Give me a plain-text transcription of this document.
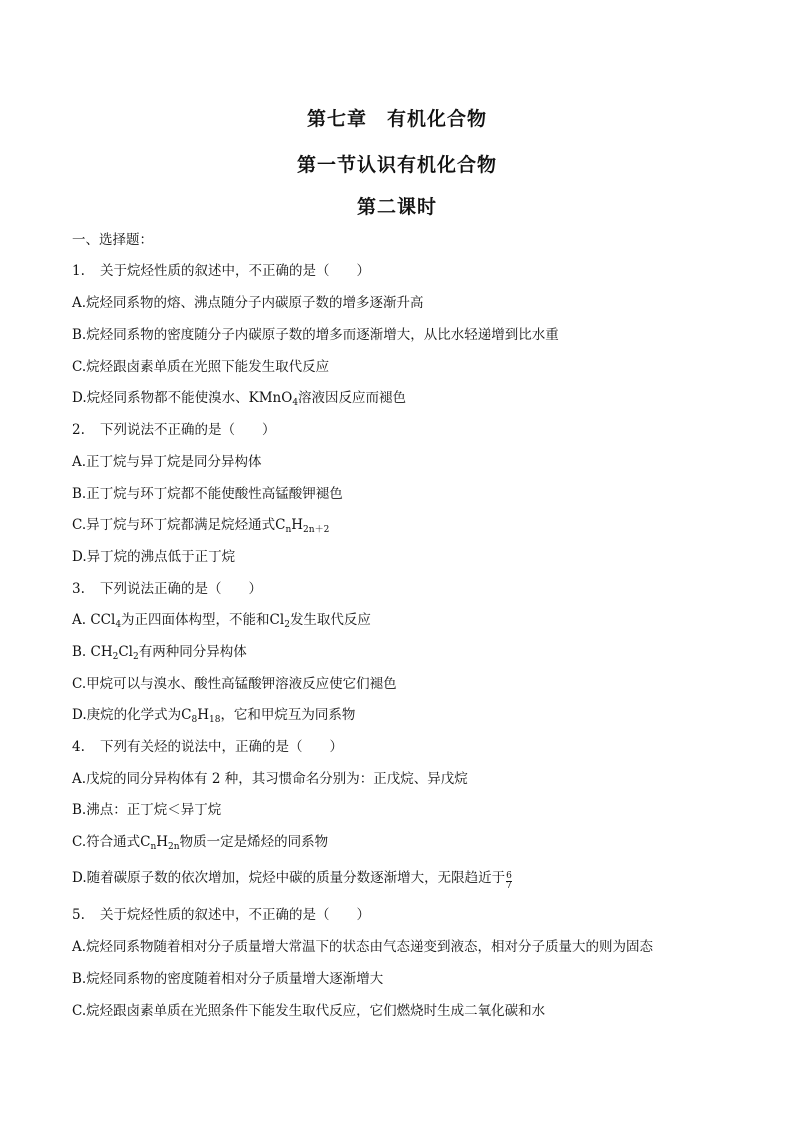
第七章　有机化合物
第一节认识有机化合物
第二课时
一、选择题：
1. 关于烷烃性质的叙述中，不正确的是（　　）
A.烷烃同系物的熔、沸点随分子内碳原子数的增多逐渐升高
B.烷烃同系物的密度随分子内碳原子数的增多而逐渐增大，从比水轻递增到比水重
C.烷烃跟卤素单质在光照下能发生取代反应
D.烷烃同系物都不能使溴水、KMnO$_4$溶液因反应而褪色
2. 下列说法不正确的是（　　）
A.正丁烷与异丁烷是同分异构体
B.正丁烷与环丁烷都不能使酸性高锰酸钾褪色
C.异丁烷与环丁烷都满足烷烃通式$C_nH_{2n+2}$
D.异丁烷的沸点低于正丁烷
3. 下列说法正确的是（　　）
A. CCl$_4$为正四面体构型，不能和$Cl_2$发生取代反应
B. $CH_2Cl_2$有两种同分异构体
C.甲烷可以与溴水、酸性高锰酸钾溶液反应使它们褪色
D.庚烷的化学式为$C_8H_{18}$，它和甲烷互为同系物
4. 下列有关烃的说法中，正确的是（　　）
A.戊烷的同分异构体有 2 种，其习惯命名分别为：正戊烷、异戊烷
B.沸点：正丁烷＜异丁烷
C.符合通式$C_nH_{2n}$物质一定是烯烃的同系物
D.随着碳原子数的依次增加，烷烃中碳的质量分数逐渐增大，无限趋近于 $\frac{6}{7}$
5. 关于烷烃性质的叙述中，不正确的是（　　）
A.烷烃同系物随着相对分子质量增大常温下的状态由气态递变到液态，相对分子质量大的则为固态
B.烷烃同系物的密度随着相对分子质量增大逐渐增大
C.烷烃跟卤素单质在光照条件下能发生取代反应，它们燃烧时生成二氧化碳和水
